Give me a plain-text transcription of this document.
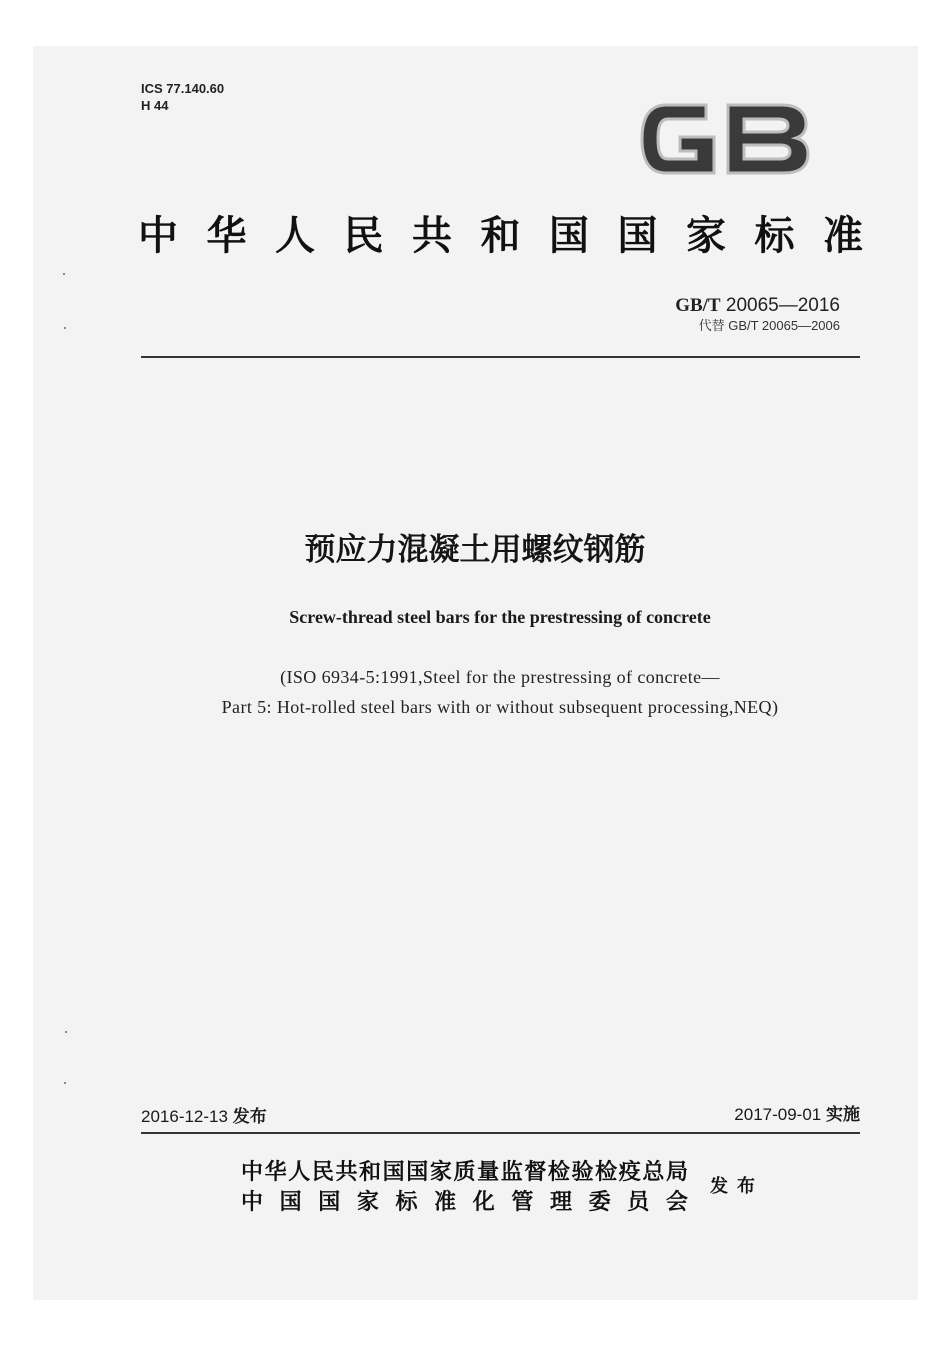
ICS 77.140.60
H 44
中 华 人 民 共 和 国 国 家 标 准
GB/T 20065—2016
代替 GB/T 20065—2006
预应力混凝土用螺纹钢筋
Screw-thread steel bars for the prestressing of concrete
(ISO 6934-5:1991,Steel for the prestressing of concrete—
Part 5: Hot-rolled steel bars with or without subsequent processing,NEQ)
2016-12-13 发布	2017-09-01 实施
中 华 人 民 共 和 国 国 家 质 量 监 督 检 验 检 疫 总 局
中 国 国 家 标 准 化 管 理 委 员 会
发布
